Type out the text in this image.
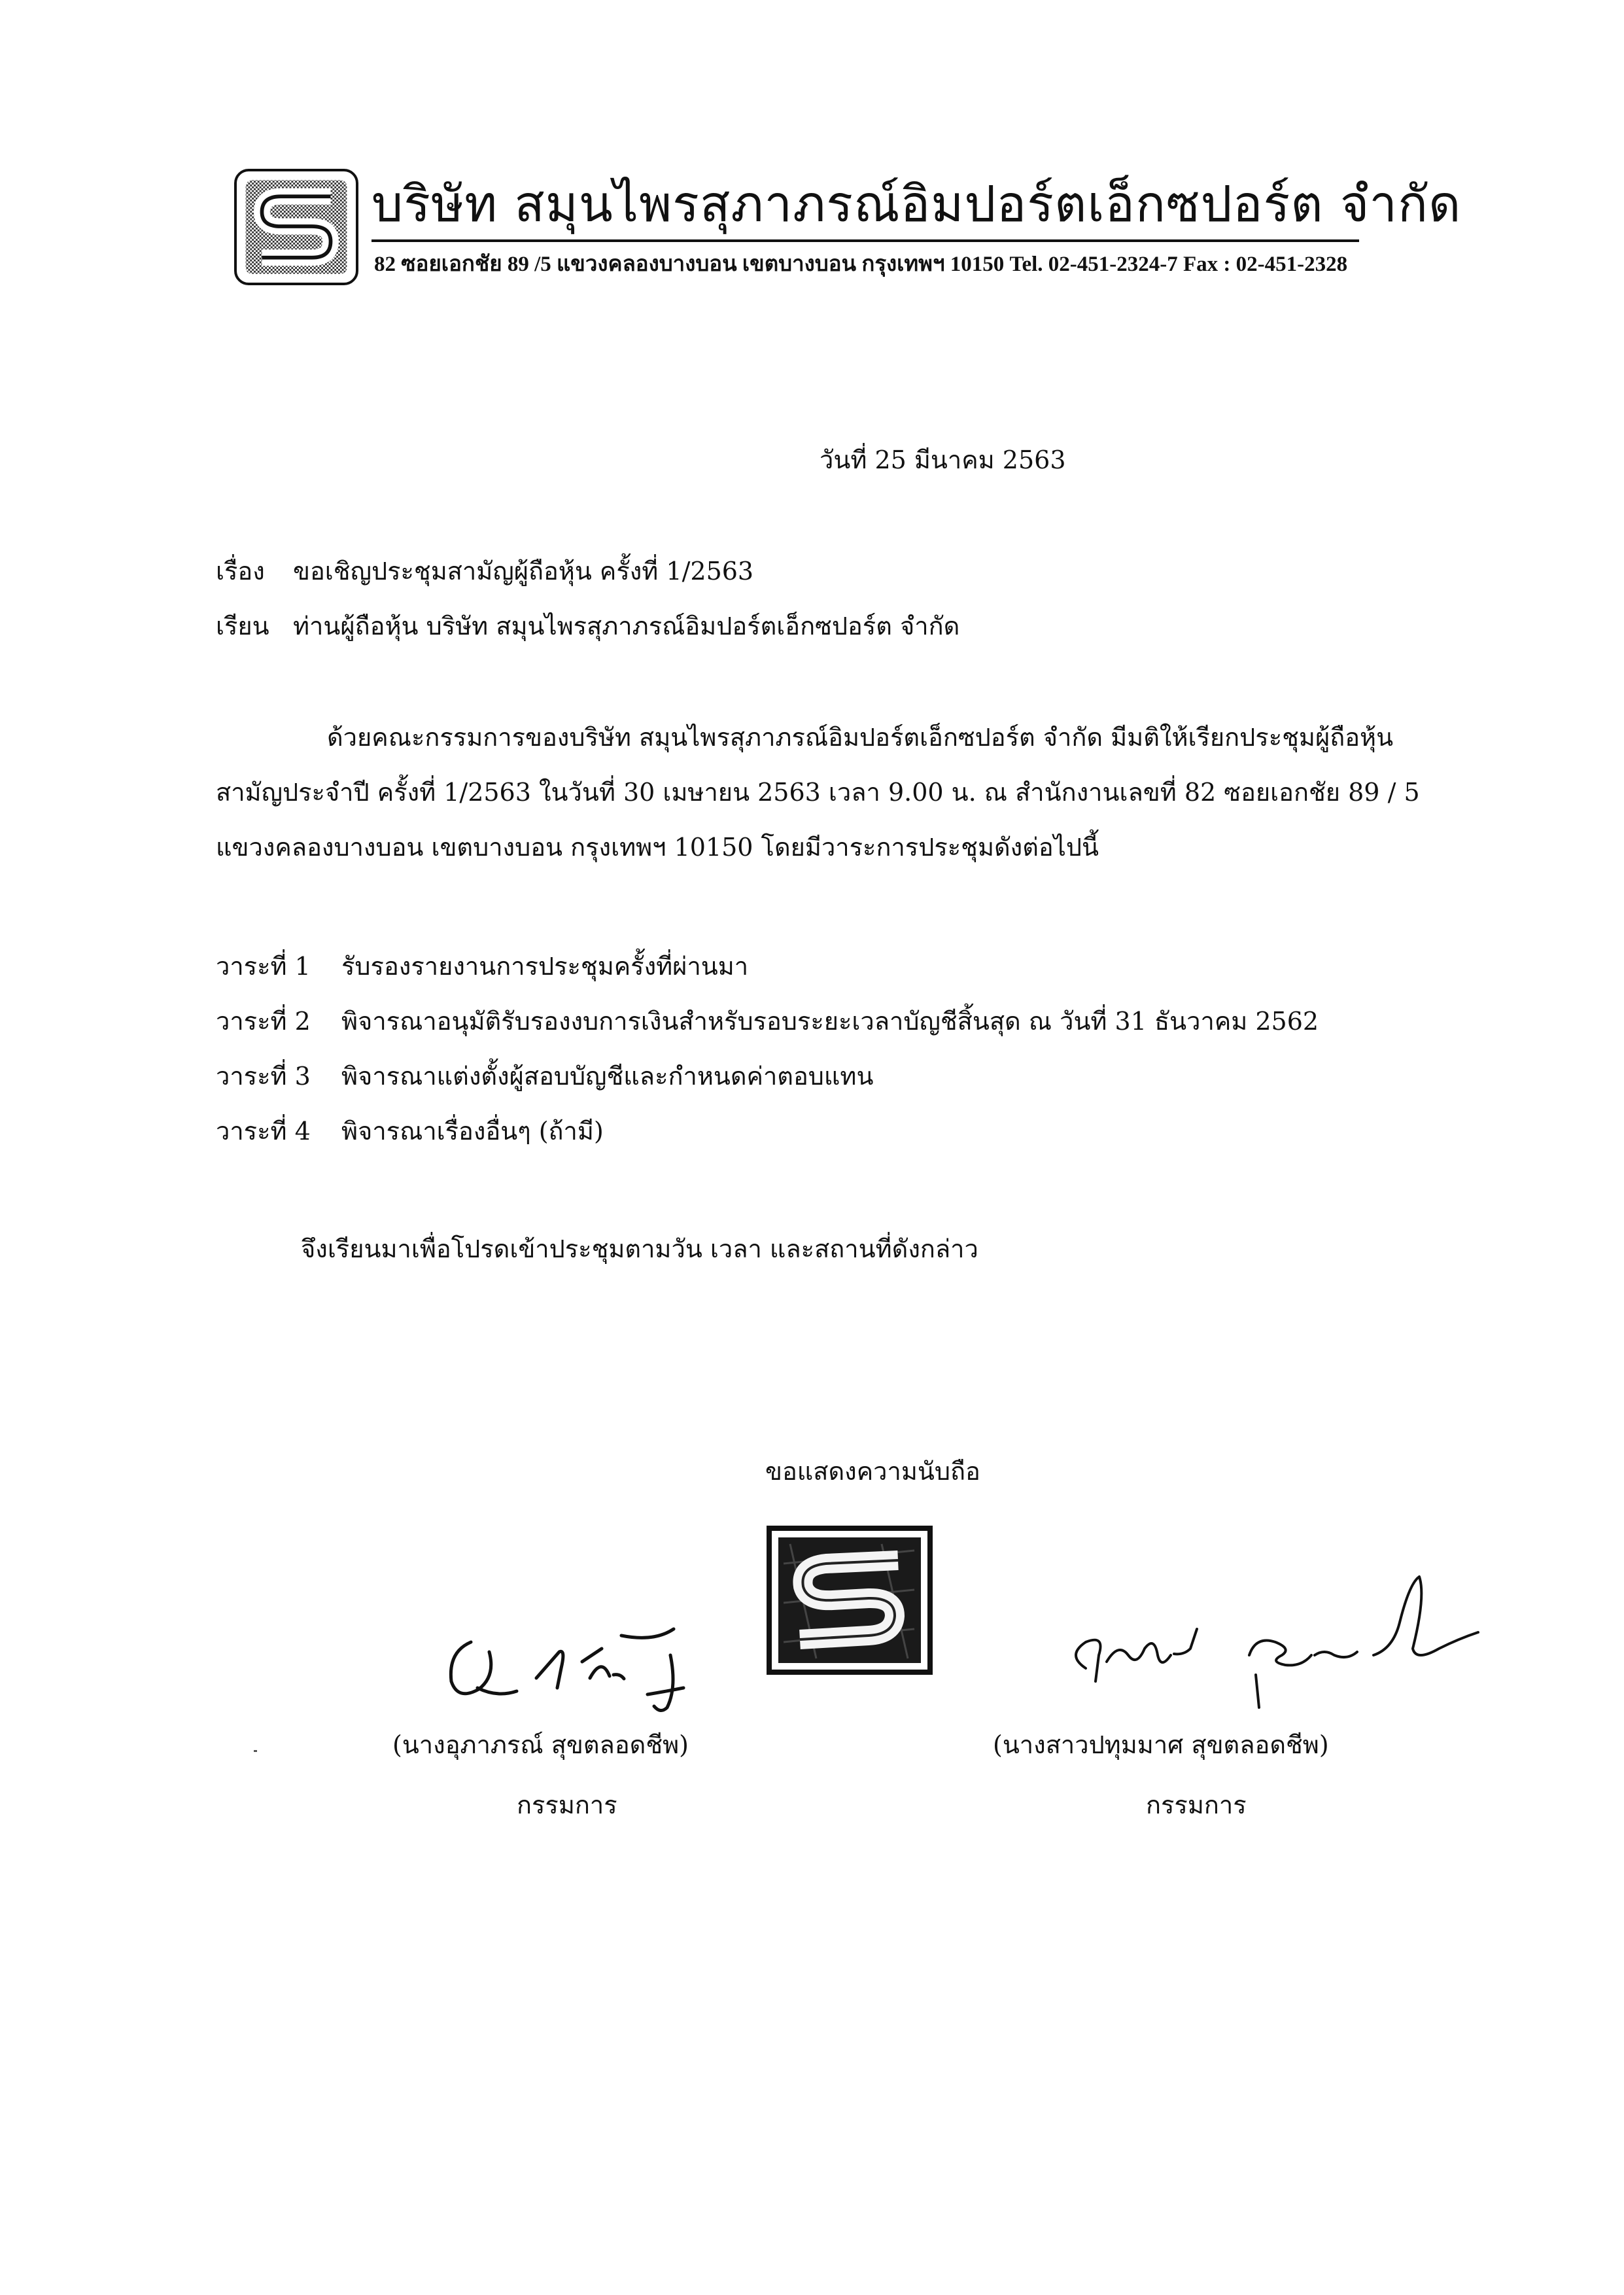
บริษัท สมุนไพรสุภาภรณ์อิมปอร์ตเอ็กซปอร์ต จำกัด
82 ซอยเอกชัย 89 /5 แขวงคลองบางบอน เขตบางบอน กรุงเทพฯ 10150 Tel. 02-451-2324-7 Fax : 02-451-2328
วันที่ 25 มีนาคม 2563
เรื่อง ขอเชิญประชุมสามัญผู้ถือหุ้น ครั้งที่ 1/2563
เรียน ท่านผู้ถือหุ้น บริษัท สมุนไพรสุภาภรณ์อิมปอร์ตเอ็กซปอร์ต จำกัด
ด้วยคณะกรรมการของบริษัท สมุนไพรสุภาภรณ์อิมปอร์ตเอ็กซปอร์ต จำกัด มีมติให้เรียกประชุมผู้ถือหุ้น
สามัญประจำปี ครั้งที่ 1/2563 ในวันที่ 30 เมษายน 2563 เวลา 9.00 น. ณ สำนักงานเลขที่ 82 ซอยเอกชัย 89 / 5
แขวงคลองบางบอน เขตบางบอน กรุงเทพฯ 10150 โดยมีวาระการประชุมดังต่อไปนี้
วาระที่ 1 รับรองรายงานการประชุมครั้งที่ผ่านมา
วาระที่ 2 พิจารณาอนุมัติรับรองงบการเงินสำหรับรอบระยะเวลาบัญชีสิ้นสุด ณ วันที่ 31 ธันวาคม 2562
วาระที่ 3 พิจารณาแต่งตั้งผู้สอบบัญชีและกำหนดค่าตอบแทน
วาระที่ 4 พิจารณาเรื่องอื่นๆ (ถ้ามี)
จึงเรียนมาเพื่อโปรดเข้าประชุมตามวัน เวลา และสถานที่ดังกล่าว
ขอแสดงความนับถือ
(นางอุภาภรณ์ สุขตลอดชีพ)
กรรมการ
(นางสาวปทุมมาศ สุขตลอดชีพ)
กรรมการ
